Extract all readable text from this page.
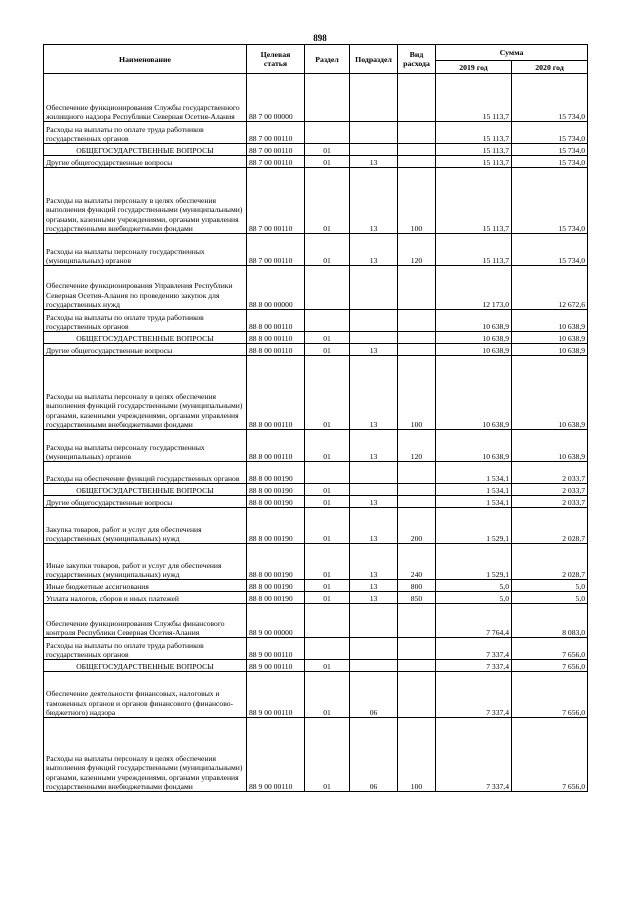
898
Наименование	Целевая статья	Раздел	Подраздел	Вид расхода	Сумма	
					2019 год	2020 год
Обеспечение функционирования Службы государственного жилищного надзора Республики Северная Осетия-Алания	88 7 00 00000				15 113,7	15 734,0
Расходы на выплаты по оплате труда работников государственных органов	88 7 00 00110				15 113,7	15 734,0
ОБЩЕГОСУДАРСТВЕННЫЕ ВОПРОСЫ	88 7 00 00110	01			15 113,7	15 734,0
Другие общегосударственные вопросы	88 7 00 00110	01	13		15 113,7	15 734,0
Расходы на выплаты персоналу в целях обеспечения выполнения функций государственными (муниципальными) органами, казенными учреждениями, органами управления государственными внебюджетными фондами	88 7 00 00110	01	13	100	15 113,7	15 734,0
Расходы на выплаты персоналу государственных (муниципальных) органов	88 7 00 00110	01	13	120	15 113,7	15 734,0
Обеспечение функционирования Управления Республики Северная Осетия-Алания по проведению закупок для государственных нужд	88 8 00 00000				12 173,0	12 672,6
Расходы на выплаты по оплате труда работников государственных органов	88 8 00 00110				10 638,9	10 638,9
ОБЩЕГОСУДАРСТВЕННЫЕ ВОПРОСЫ	88 8 00 00110	01			10 638,9	10 638,9
Другие общегосударственные вопросы	88 8 00 00110	01	13		10 638,9	10 638,9
Расходы на выплаты персоналу в целях обеспечения выполнения функций государственными (муниципальными) органами, казенными учреждениями, органами управления государственными внебюджетными фондами	88 8 00 00110	01	13	100	10 638,9	10 638,9
Расходы на выплаты персоналу государственных (муниципальных) органов	88 8 00 00110	01	13	120	10 638,9	10 638,9
Расходы на обеспечение функций государственных органов	88 8 00 00190				1 534,1	2 033,7
ОБЩЕГОСУДАРСТВЕННЫЕ ВОПРОСЫ	88 8 00 00190	01			1 534,1	2 033,7
Другие общегосударственные вопросы	88 8 00 00190	01	13		1 534,1	2 033,7
Закупка товаров, работ и услуг для обеспечения государственных (муниципальных) нужд	88 8 00 00190	01	13	200	1 529,1	2 028,7
Иные закупки товаров, работ и услуг для обеспечения государственных (муниципальных) нужд	88 8 00 00190	01	13	240	1 529,1	2 028,7
Иные бюджетные ассигнования	88 8 00 00190	01	13	800	5,0	5,0
Уплата налогов, сборов и иных платежей	88 8 00 00190	01	13	850	5,0	5,0
Обеспечение функционирования Службы финансового контроля Республики Северная Осетия-Алания	88 9 00 00000				7 764,4	8 083,0
Расходы на выплаты по оплате труда работников государственных органов	88 9 00 00110				7 337,4	7 656,0
ОБЩЕГОСУДАРСТВЕННЫЕ ВОПРОСЫ	88 9 00 00110	01			7 337,4	7 656,0
Обеспечение деятельности финансовых, налоговых и таможенных органов и органов финансового (финансово-бюджетного) надзора	88 9 00 00110	01	06		7 337,4	7 656,0
Расходы на выплаты персоналу в целях обеспечения выполнения функций государственными (муниципальными) органами, казенными учреждениями, органами управления государственными внебюджетными фондами	88 9 00 00110	01	06	100	7 337,4	7 656,0
